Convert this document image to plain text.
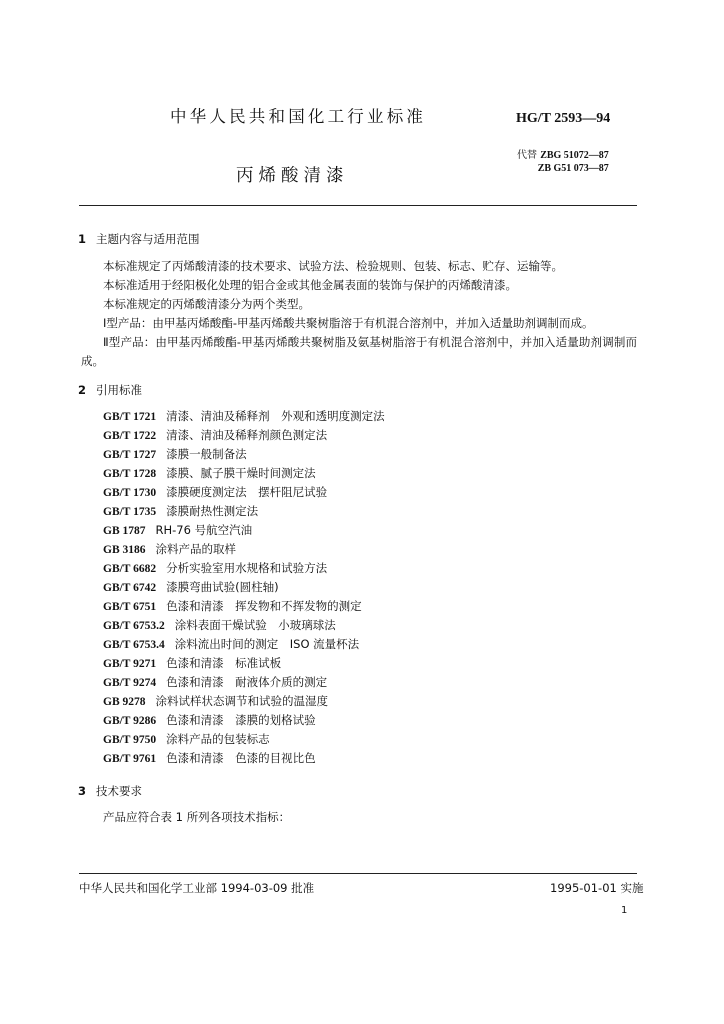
中华人民共和国化工行业标准	HG/T 2593—94
代替 ZBG 51072—87
ZB G51 073—87
丙烯酸清漆
1 主题内容与适用范围

本标准规定了丙烯酸清漆的技术要求、试验方法、检验规则、包装、标志、贮存、运输等。

本标准适用于经阳极化处理的铝合金或其他金属表面的装饰与保护的丙烯酸清漆。

本标准规定的丙烯酸清漆分为两个类型。

Ⅰ型产品：由甲基丙烯酸酯-甲基丙烯酸共聚树脂溶于有机混合溶剂中，并加入适量助剂调制而成。

Ⅱ型产品：由甲基丙烯酸酯-甲基丙烯酸共聚树脂及氨基树脂溶于有机混合溶剂中，并加入适量助剂调制而成。

2 引用标准
GB/T 1721 清漆、清油及稀释剂　外观和透明度测定法
GB/T 1722 清漆、清油及稀释剂颜色测定法
GB/T 1727 漆膜一般制备法
GB/T 1728 漆膜、腻子膜干燥时间测定法
GB/T 1730 漆膜硬度测定法　摆杆阻尼试验
GB/T 1735 漆膜耐热性测定法
GB 1787 RH-76 号航空汽油
GB 3186 涂料产品的取样
GB/T 6682 分析实验室用水规格和试验方法
GB/T 6742 漆膜弯曲试验(圆柱轴)
GB/T 6751 色漆和清漆　挥发物和不挥发物的测定
GB/T 6753.2 涂料表面干燥试验　小玻璃球法
GB/T 6753.4 涂料流出时间的测定　ISO 流量杯法
GB/T 9271 色漆和清漆　标准试板
GB/T 9274 色漆和清漆　耐液体介质的测定
GB 9278 涂料试样状态调节和试验的温湿度
GB/T 9286 色漆和清漆　漆膜的划格试验
GB/T 9750 涂料产品的包装标志
GB/T 9761 色漆和清漆　色漆的目视比色
3 技术要求

产品应符合表 1 所列各项技术指标：

中华人民共和国化学工业部 1994-03-09 批准	1995-01-01 实施
1
